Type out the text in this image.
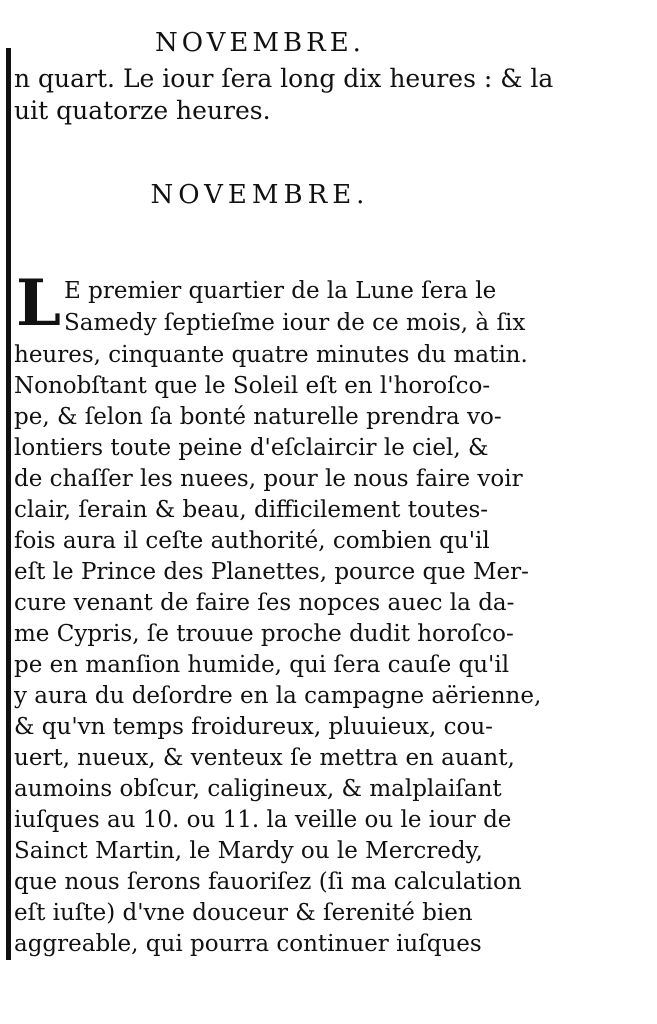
NOVEMBRE.
n quart. Le iour ſera long dix heures : & la
uit quatorze heures.
NOVEMBRE.
L E premier quartier de la Lune ſera le
Samedy ſeptieſme iour de ce mois, à ſix
heures, cinquante quatre minutes du matin.
Nonobſtant que le Soleil eſt en l'horoſco-
pe, & ſelon ſa bonté naturelle prendra vo-
lontiers toute peine d'eſclaircir le ciel, &
de chaſſer les nuees, pour le nous faire voir
clair, ſerain & beau, difficilement toutes-
fois aura il ceſte authorité, combien qu'il
eſt le Prince des Planettes, pource que Mer-
cure venant de faire ſes nopces auec la da-
me Cypris, ſe trouue proche dudit horoſco-
pe en manſion humide, qui ſera cauſe qu'il
y aura du deſordre en la campagne aërienne,
& qu'vn temps froidureux, pluuieux, cou-
uert, nueux, & venteux ſe mettra en auant,
aumoins obſcur, caligineux, & malplaiſant
iuſques au 10. ou 11. la veille ou le iour de
Sainct Martin, le Mardy ou le Mercredy,
que nous ſerons fauoriſez (ſi ma calculation
eſt iuſte) d'vne douceur & ſerenité bien
aggreable, qui pourra continuer iuſques
